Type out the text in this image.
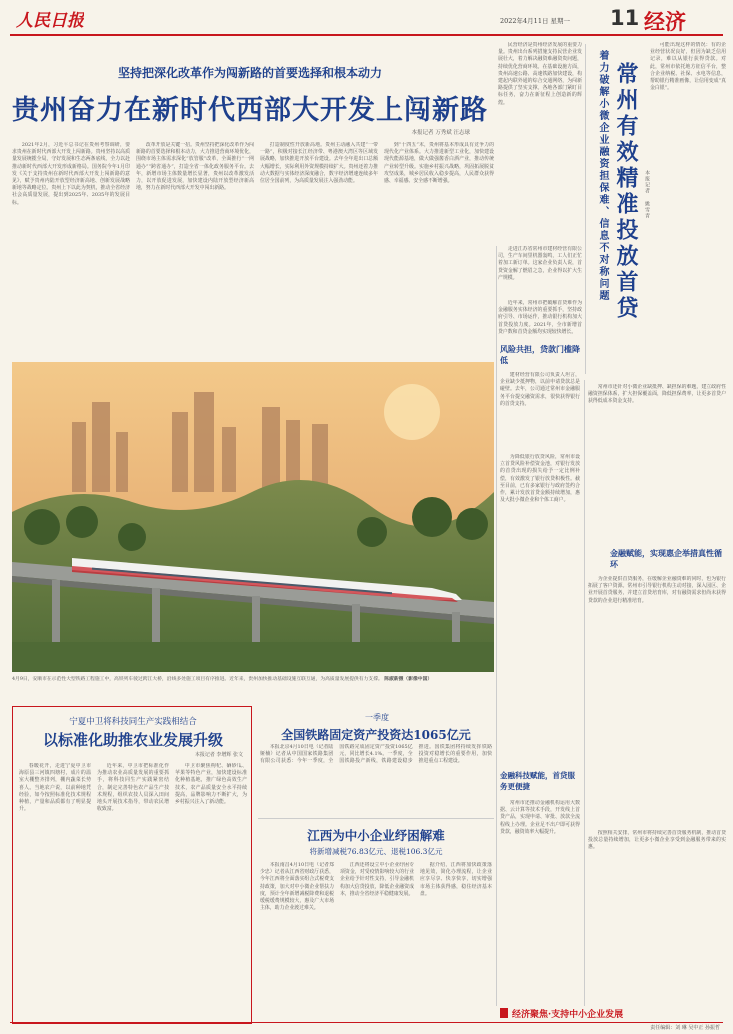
人民日报	2022年4月11日 星期一 11 经济
坚持把深化改革作为闯新路的首要选择和根本动力
贵州奋力在新时代西部大开发上闯新路
本报记者 万秀斌 汪志球

2021年2月，习近平总书记在贵州考察调研，要求贵州在新时代西部大开发上闯新路。贵州坚持以高质量发展统揽全局，守好发展和生态两条底线，全力以赴推动新时代西部大开发形成新格局。国务院今年1月印发《关于支持贵州在新时代西部大开发上闯新路的意见》，赋予贵州内陆开放型经济新高地、创新发展战略新地等战略定位。贵州上下以此为契机，推动全省经济社会高质量发展，提出到2025年、2035年的发展目标。

改革开放是关键一招。贵州坚持把深化改革作为闯新路的首要选择和根本动力，大力推进营商环境优化，围绕市场主体需求深化“放管服”改革，全面推行“一网通办”“跨省通办”，打造全省一体化政务服务平台。去年，新增市场主体数量增长显著，贵州以改革激发活力，以开放促进发展，加快建设内陆开放型经济新高地，努力在新时代西部大开发中闯出新路。

打造制度性开放新高地。贵州主动融入共建“一带一路”，积极对接长江经济带、粤港澳大湾区等区域发展战略，加快推进开放平台建设。去年全年进出口总额大幅增长，实际利用外资规模持续扩大。贵州还着力推动大数据与实体经济深度融合，数字经济增速连续多年位居全国前列，为高质量发展注入强劲动能。

到“十四五”末，贵州将基本形成具有竞争力的现代化产业体系。大力推进新型工业化，加快建设现代能源基地，做大做强酱香白酒产业，推动传统产业转型升级。实施乡村振兴战略，巩固拓展脱贫攻坚成果，城乡居民收入稳步提高，人民群众获得感、幸福感、安全感不断增强。

民营经济是贵州经济发展的重要力量。贵州出台系列措施支持民营企业发展壮大，着力解决融资难融资贵问题，持续优化营商环境。在基础设施方面，贵州高速公路、高速铁路加快建设，构建起内联外通的综合交通网络，为闯新路提供了坚实支撑。各地各部门紧盯目标任务，奋力在新征程上创造新的辉煌。	着力破解小微企业融资担保难、信息不对称问题 常州有效精准投放首贷	本报记者 姚雪青

可能出现这样的情况：有的企业经营状况良好，但因为缺乏信用记录，难以从银行获得贷款。对此，常州市依托地方征信平台，整合企业纳税、社保、水电等信息，帮助银行精准画像，让信用变成“真金白银”。

走进江苏省常州市建材经营有限公司，生产车间里机器轰鸣，工人们正忙着加工新订单。这家企业负责人说，首贷资金解了燃眉之急，企业得以扩大生产规模。

近年来，常州市把破解首贷难作为金融服务实体经济的重要抓手，坚持政府引导、市场运作，推动银行机构加大首贷投放力度。2021年，全市新增首贷户数和首贷金额均实现较快增长。

4月9日，安顺市在示范性大型铁路工程施工中，高铁列车驶过跨江大桥，沿线多处施工项目有序推进。近年来，贵州加快推动基础设施互联互通，为高质量发展提供有力支撑。 陈淑新摄（影像中国）
风险共担，贷款门槛降低

建材经营有限公司负责人坦言，企业缺少抵押物，以前申请贷款总是碰壁。去年，公司通过常州市金融服务平台提交融资需求，很快获得银行的首贷支持。

为降低银行放贷风险，常州市设立首贷风险补偿资金池，对银行发放的首贷出现的损失给予一定比例补偿，有效激发了银行放贷积极性。截至目前，已有多家银行与政府签约合作，累计发放首贷金额持续增加，惠及大批小微企业和个体工商户。

金融科技赋能，首贷服务更便捷

常州市还推动金融机构运用大数据、云计算等技术手段，开发线上首贷产品，实现申请、审批、放款全流程线上办理。企业足不出户即可获得贷款，融资效率大幅提升。

常州市还针对小微企业缺抵押、缺担保的难题，建立政府性融资担保体系，扩大担保覆盖面，降低担保费率，让更多首贷户获得低成本资金支持。

金融赋能，实现惠企举措真性循环

为企业提供首贷服务，在缓解企业融资难的同时，也为银行拓展了客户资源。常州市引导银行机构主动对接，深入园区、企业开展首贷服务，并建立首贷培育库，对有融资需求但尚未获得贷款的企业进行精准培育。

按照相关安排，常州市将持续完善首贷服务机制，推动首贷投放总量持续增加，让更多小微企业享受到金融服务带来的实惠。

宁夏中卫将科技同生产实践相结合
以标准化助推农业发展升级
本报记者 李增辉 张文

春暖花开，走进宁夏中卫市海原县三河镇四塘村，成片的温室大棚整齐排列，棚内蔬菜长势喜人。当地农户说，以前种地凭经验，如今按照标准化技术规程种植，产量和品质都有了明显提升。

近年来，中卫市把标准化作为推动农业高质量发展的重要抓手，将科技同生产实践紧密结合，制定完善特色农产品生产技术规程，组织农技人员深入田间地头开展技术指导，带动农民增收致富。

中卫市聚焦枸杞、硒砂瓜、苹果等特色产业，加快建设标准化种植基地，推广绿色高效生产技术，农产品质量安全水平持续提高，品牌影响力不断扩大，为乡村振兴注入了新动能。

一季度
全国铁路固定资产投资达1065亿元

本报北京4月10日电（记者陆娅楠）记者从中国国家铁路集团有限公司获悉：今年一季度，全国铁路完成固定资产投资1065亿元，同比增长4.1%。一季度，全国铁路投产新线，铁路建设稳步推进。国铁集团将持续发挥铁路投资对稳增长的重要作用，加快推进重点工程建设。

江西为中小企业纾困解难
将新增减税76.83亿元、退税106.3亿元

本报南昌4月10日电（记者郑少忠）记者从江西省财政厅获悉，今年江西将全面落实组合式税费支持政策，加大对中小微企业帮扶力度，预计全年新增减税降费和退税缓税缓费规模较大，惠及广大市场主体，助力企业渡过难关。

江西还将设立中小企业纾困专项资金，对受疫情影响较大的行业企业给予针对性支持，引导金融机构加大信贷投放，降低企业融资成本，推动全省经济平稳健康发展。

据介绍，江西将加快政策落地见效，简化办理流程，让企业应享尽享、快享快享，切实增强市场主体获得感，稳住经济基本盘。

经济聚焦·支持中小企业发展
责任编辑：刘 琳 吴中正 孙振哲
